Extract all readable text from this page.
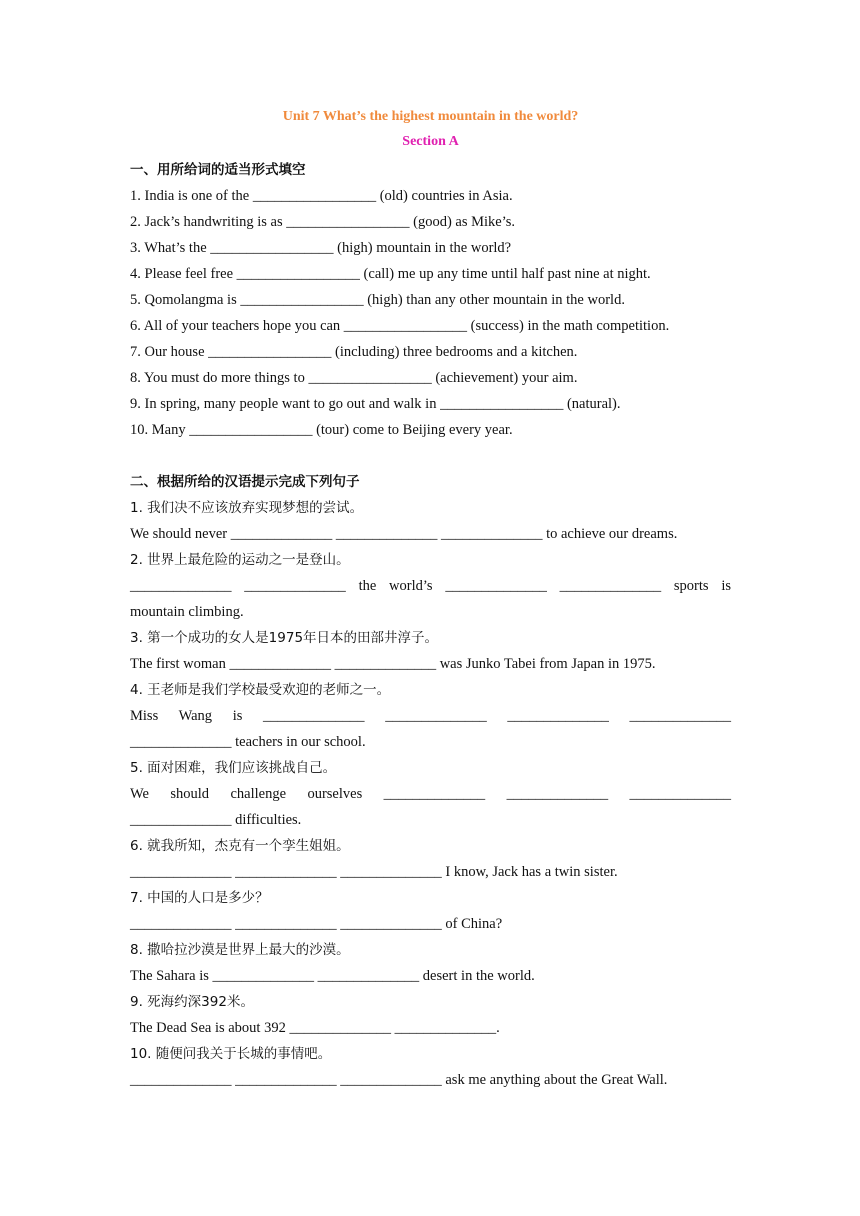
Unit 7 What’s the highest mountain in the world?
Section A
一、用所给词的适当形式填空
1. India is one of the _________________ (old) countries in Asia.
2. Jack’s handwriting is as _________________ (good) as Mike’s.
3. What’s the _________________ (high) mountain in the world?
4. Please feel free _________________ (call) me up any time until half past nine at night.
5. Qomolangma is _________________ (high) than any other mountain in the world.
6. All of your teachers hope you can _________________ (success) in the math competition.
7. Our house _________________ (including) three bedrooms and a kitchen.
8. You must do more things to _________________ (achievement) your aim.
9. In spring, many people want to go out and walk in _________________ (natural).
10. Many _________________ (tour) come to Beijing every year.
二、根据所给的汉语提示完成下列句子
1. 我们决不应该放弃实现梦想的尝试。
We should never ______________ ______________ ______________ to achieve our dreams.
2. 世界上最危险的运动之一是登山。
______________ ______________ the world’s ______________ ______________ sports is
mountain climbing.
3. 第一个成功的女人是1975年日本的田部井淳子。
The first woman ______________ ______________ was Junko Tabei from Japan in 1975.
4. 王老师是我们学校最受欢迎的老师之一。
Miss Wang is ______________ ______________ ______________ ______________
______________ teachers in our school.
5. 面对困难，我们应该挑战自己。
We should challenge ourselves ______________ ______________ ______________
______________ difficulties.
6. 就我所知，杰克有一个孪生姐姐。
______________ ______________ ______________ I know, Jack has a twin sister.
7. 中国的人口是多少？
______________ ______________ ______________ of China?
8. 撒哈拉沙漠是世界上最大的沙漠。
The Sahara is ______________ ______________ desert in the world.
9. 死海约深392米。
The Dead Sea is about 392 ______________ ______________.
10. 随便问我关于长城的事情吧。
______________ ______________ ______________ ask me anything about the Great Wall.
